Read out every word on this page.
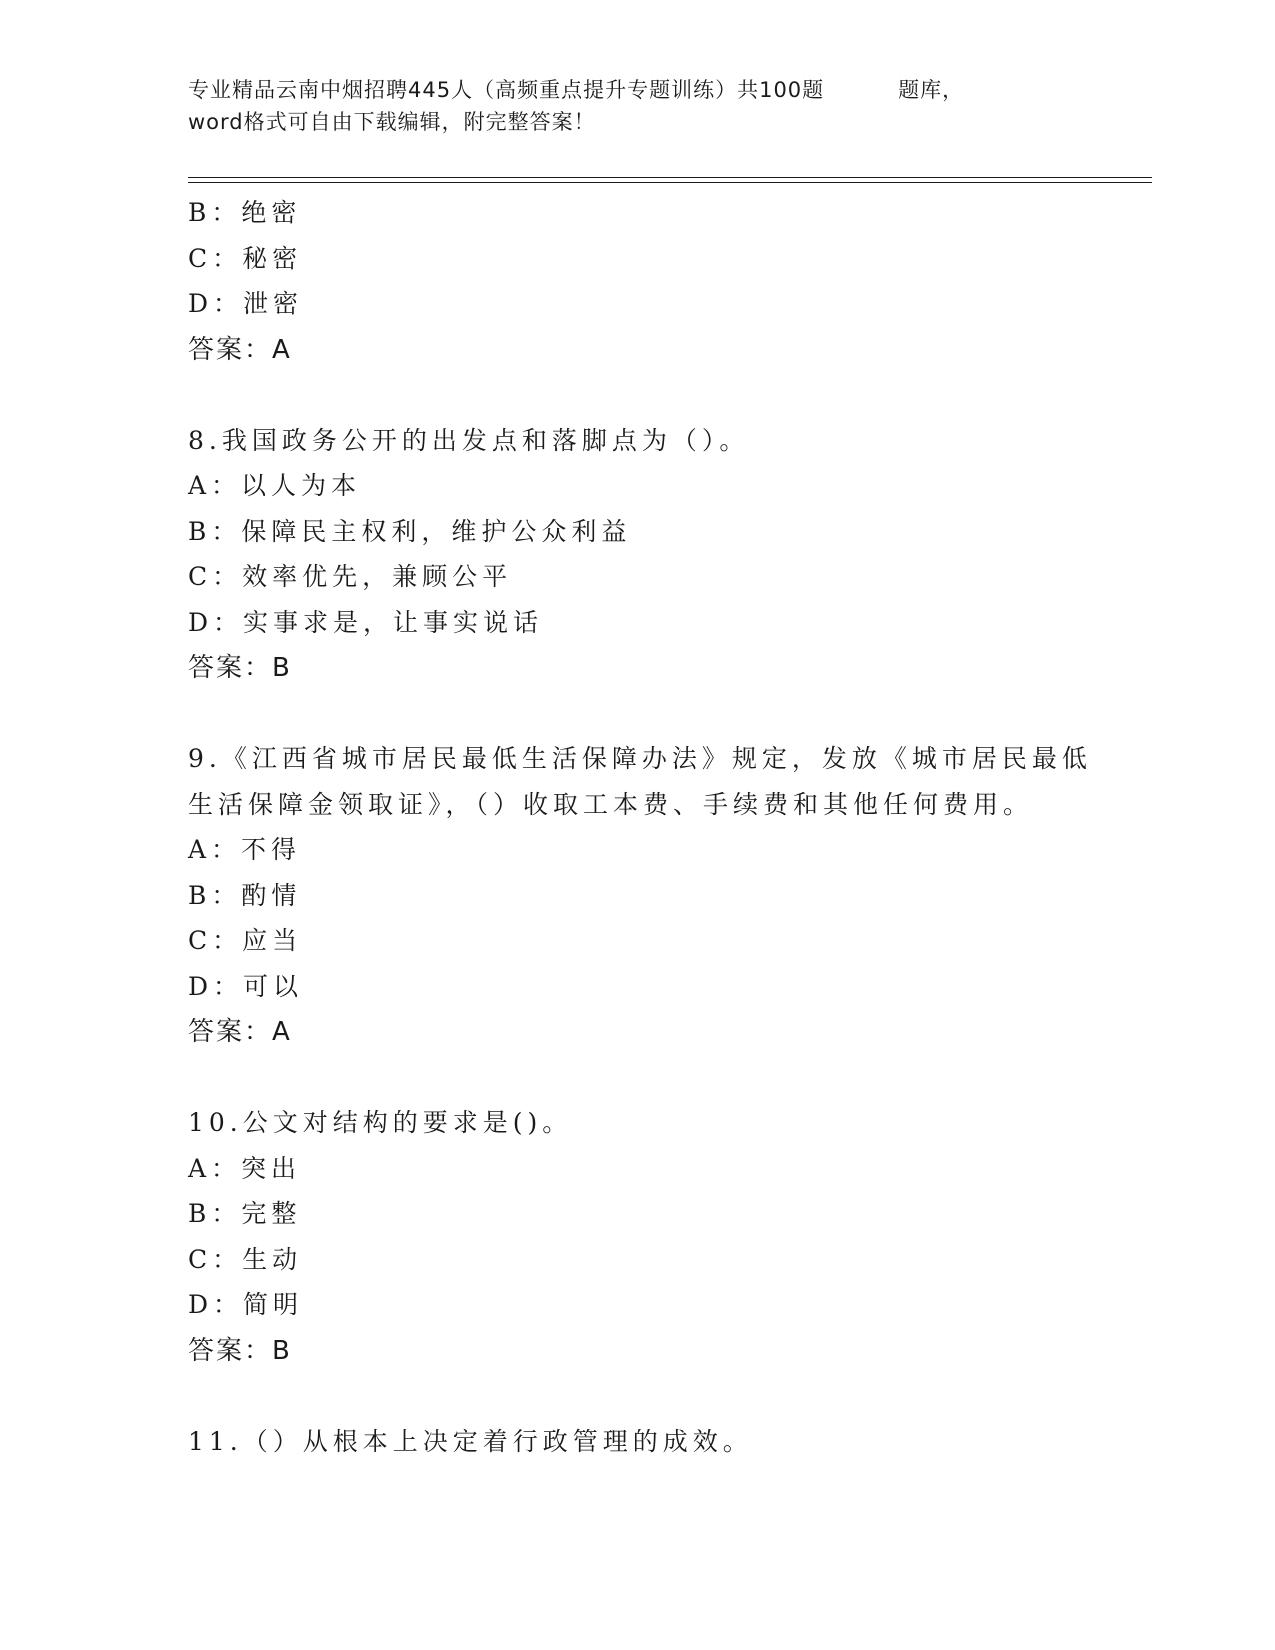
专业精品云南中烟招聘445人（高频重点提升专题训练）共100题	题库，
word格式可自由下载编辑，附完整答案！
B：绝密
C：秘密
D：泄密
答案：A
8.我国政务公开的出发点和落脚点为（）。
A：以人为本
B：保障民主权利，维护公众利益
C：效率优先，兼顾公平
D：实事求是，让事实说话
答案：B
9.《江西省城市居民最低生活保障办法》规定，发放《城市居民最低
生活保障金领取证》，（）收取工本费、手续费和其他任何费用。
A：不得
B：酌情
C：应当
D：可以
答案：A
10.公文对结构的要求是()。
A：突出
B：完整
C：生动
D：简明
答案：B
11.（）从根本上决定着行政管理的成效。
